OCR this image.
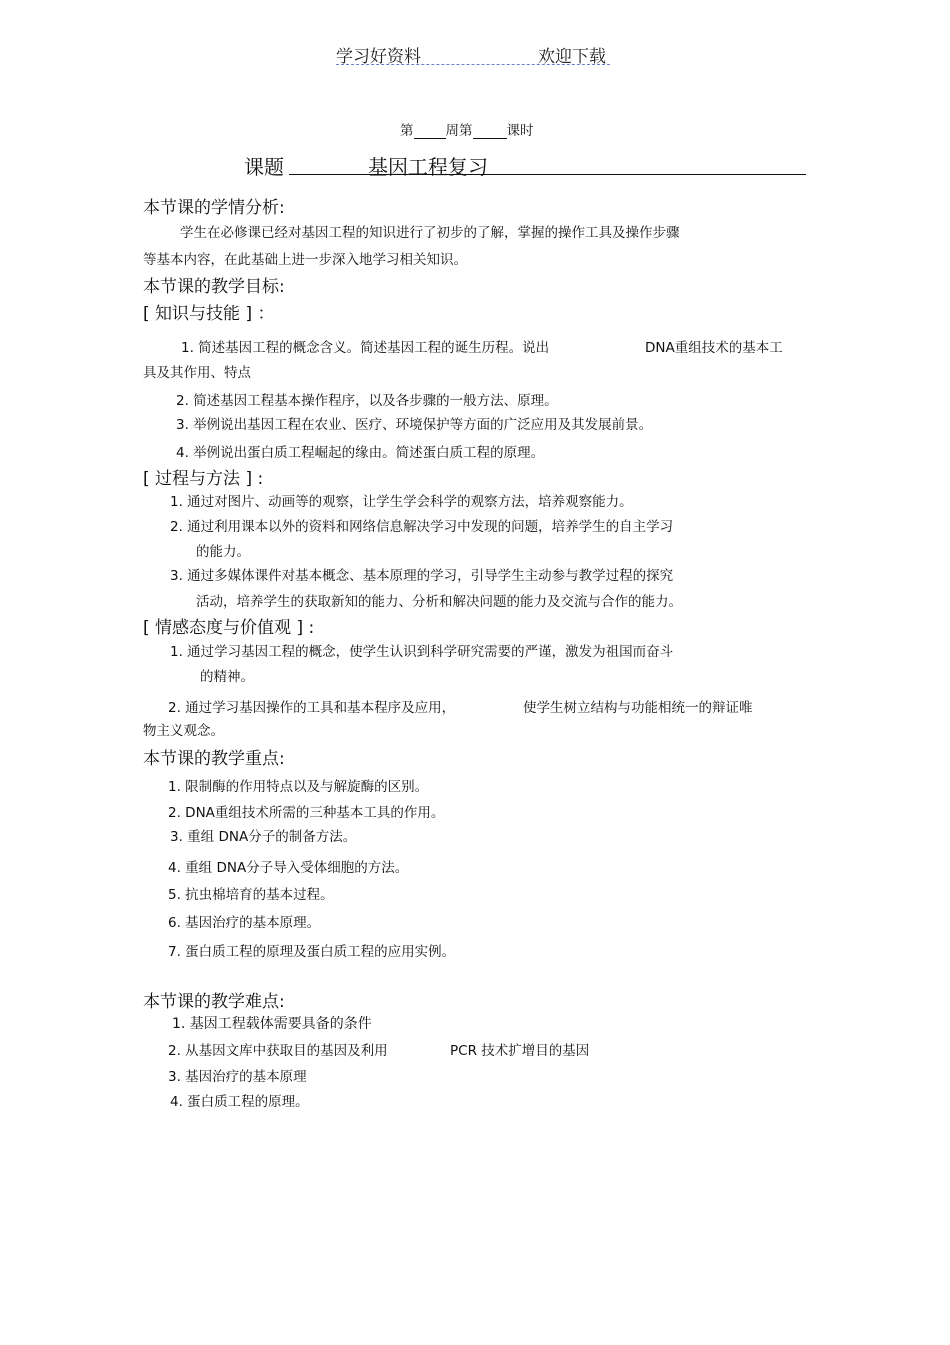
学习好资料	欢迎下载
第 周第	课时
课题	基因工程复习
本节课的学情分析:
学生在必修课已经对基因工程的知识进行了初步的了解，掌握的操作工具及操作步骤
等基本内容，在此基础上进一步深入地学习相关知识。
本节课的教学目标:
[ 知识与技能 ] ：
1. 简述基因工程的概念含义。简述基因工程的诞生历程。说出	DNA重组技术的基本工
具及其作用、特点
2. 简述基因工程基本操作程序，以及各步骤的一般方法、原理。
3. 举例说出基因工程在农业、医疗、环境保护等方面的广泛应用及其发展前景。
4. 举例说出蛋白质工程崛起的缘由。简述蛋白质工程的原理。
[ 过程与方法 ] :
1. 通过对图片、动画等的观察，让学生学会科学的观察方法，培养观察能力。
2. 通过利用课本以外的资料和网络信息解决学习中发现的问题，培养学生的自主学习
的能力。
3. 通过多媒体课件对基本概念、基本原理的学习，引导学生主动参与教学过程的探究
活动，培养学生的获取新知的能力、分析和解决问题的能力及交流与合作的能力。
[ 情感态度与价值观 ] :
1. 通过学习基因工程的概念，使学生认识到科学研究需要的严谨，激发为祖国而奋斗
的精神。
2. 通过学习基因操作的工具和基本程序及应用，	使学生树立结构与功能相统一的辩证唯
物主义观念。
本节课的教学重点:
1. 限制酶的作用特点以及与解旋酶的区别。
2. DNA重组技术所需的三种基本工具的作用。
3. 重组 DNA分子的制备方法。
4. 重组 DNA分子导入受体细胞的方法。
5. 抗虫棉培育的基本过程。
6. 基因治疗的基本原理。
7. 蛋白质工程的原理及蛋白质工程的应用实例。
本节课的教学难点:
1. 基因工程载体需要具备的条件
2. 从基因文库中获取目的基因及利用	PCR 技术扩增目的基因
3. 基因治疗的基本原理
4. 蛋白质工程的原理。
